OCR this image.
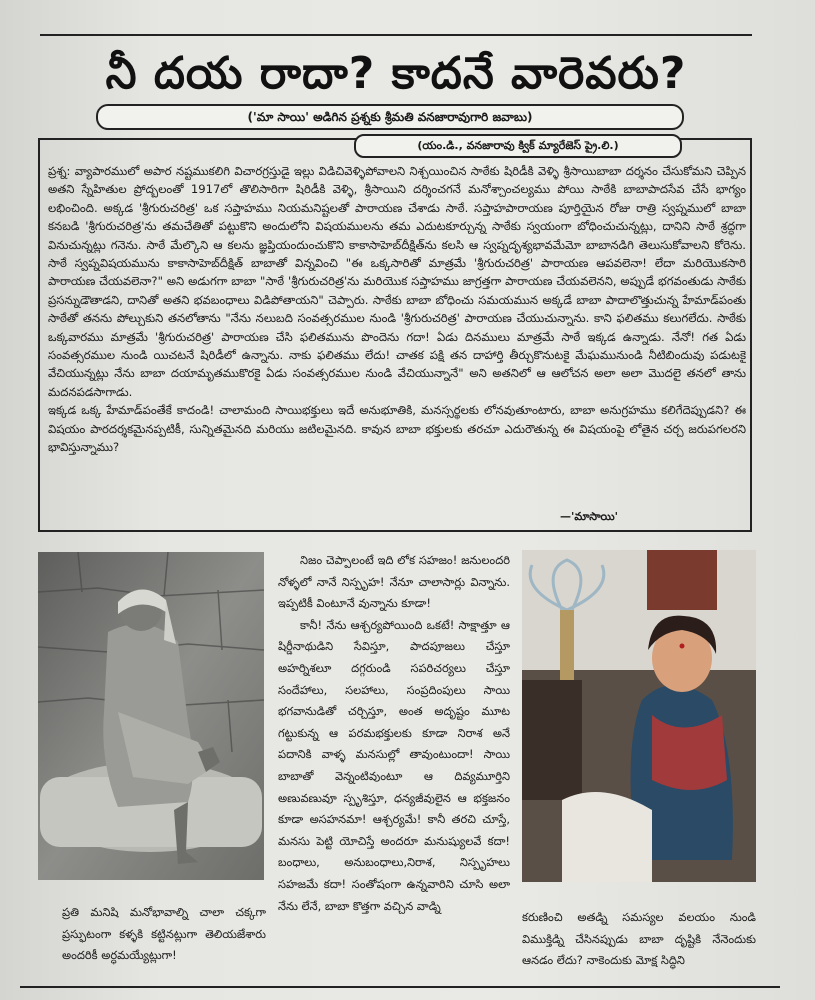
నీ దయ రాదా? కాదనే వారెవరు?
('మా సాయి' అడిగిన ప్రశ్నకు శ్రీమతి వనజారావుగారి జవాబు)
(యం.డి., వనజారావు క్విక్ మ్యారేజెస్ ప్రై.లి.)

ప్రశ్న: వ్యాపారములో అపార నష్టముకలిగి విచారగ్రస్తుడై ఇల్లు విడిచివెళ్ళిపోవాలని నిశ్చయించిన సాఠేకు షిరిడీకి వెళ్ళి శ్రీసాయిబాబా దర్శనం చేసుకోమని చెప్పిన అతని స్నేహితుల ప్రోద్బలంతో 1917లో తొలిసారిగా షిరిడీకి వెళ్ళి, శ్రీసాయిని దర్శించగనే మనోశ్చాంచల్యము పోయి సాఠేకి బాబాపాదసేవ చేసే భాగ్యం లభించింది. అక్కడ 'శ్రీగురుచరిత్ర' ఒక సప్తాహము నియమనిష్టలతో పారాయణ చేశాడు సాఠే. సప్తాహపారాయణ పూర్తియైన రోజు రాత్రి స్వప్నములో బాబా కనబడి 'శ్రీగురుచరిత్ర'ను తమచేతితో పట్టుకొని అందులోని విషయములను తమ ఎదుటకూర్చున్న సాఠేకు స్వయంగా బోధించుచున్నట్లు, దానిని సాఠే శ్రద్ధగా వినుచున్నట్లు గనెను. సాఠే మేల్కొని ఆ కలను జ్ఞప్తియందుంచుకొని కాకాసాహెబ్‌దీక్షిత్‌ను కలసి ఆ స్వప్నదృశ్యభావమేమో బాబానడిగి తెలుసుకోవాలని కోరెను. సాఠే స్వప్నవిషయమును కాకాసాహెబ్‌దీక్షిత్ బాబాతో విన్నవించి "ఈ ఒక్కసారితో మాత్రమే 'శ్రీగురుచరిత్ర' పారాయణ ఆపవలెనా! లేదా మరియొకసారి పారాయణ చేయవలెనా?" అని అడుగగా బాబా "సాఠే 'శ్రీగురుచరిత్ర'ను మరియొక సప్తాహము జాగ్రత్తగా పారాయణ చేయవలెనని, అప్పుడే భగవంతుడు సాఠేకు ప్రసన్నుడౌతాడని, దానితో అతని భవబంధాలు విడిపోతాయని" చెప్పారు. సాఠేకు బాబా బోధించు సమయమున అక్కడే బాబా పాదాలొత్తుచున్న హేమాడ్‌పంతు సాఠేతో తనను పోల్చుకుని తనలోతాను "నేను నలుబది సంవత్సరముల నుండి 'శ్రీగురుచరిత్ర' పారాయణ చేయుచున్నాను. కాని ఫలితము కలుగలేదు. సాఠేకు ఒక్కవారము మాత్రమే 'శ్రీగురుచరిత్ర' పారాయణ చేసి ఫలితమును పొందెను గదా! ఏడు దినములు మాత్రమే సాఠే ఇక్కడ ఉన్నాడు. నేనో! గత ఏడు సంవత్సరముల నుండి యిచటనే షిరిడీలో ఉన్నాను. నాకు ఫలితము లేదు! చాతక పక్షి తన దాహార్తి తీర్చుకొనుటకై మేఘమునుండి నీటిబిందువు పడుటకై వేచియున్నట్లు నేను బాబా దయామృతముకొరకై ఏడు సంవత్సరముల నుండి వేచియున్నానే" అని అతనిలో ఆ ఆలోచన అలా అలా మొదలై తనలో తాను మదనపడసాగాడు.

ఇక్కడ ఒక్క హేమాడ్‌పంతేకే కాదండి! చాలామంది సాయిభక్తులు ఇదే అనుభూతికి, మనస్సర్థలకు లోనవుతూంటారు, బాబా అనుగ్రహము కలిగేదెప్పుడని? ఈ విషయం పారదర్శకమైనప్పటికీ, సున్నితమైనది మరియు జటిలమైనది. కావున బాబా భక్తులకు తరచూ ఎదురౌతున్న ఈ విషయంపై లోతైన చర్చ జరుపగలరని భావిస్తున్నాము?

—'మాసాయి'

నిజం చెప్పాలంటే ఇది లోక సహజం! జనులందరి నోళ్ళలో నానే నిస్పృహ! నేనూ చాలాసార్లు విన్నాను. ఇప్పటికీ వింటూనే వున్నాను కూడా!

కానీ! నేను ఆశ్చర్యపోయింది ఒకటే! సాక్షాత్తూ ఆ షిర్డీనాథుడిని సేవిస్తూ, పాదపూజలు చేస్తూ అహర్నిశలూ దగ్గరుండి సపరిచర్యలు చేస్తూ సందేహాలు, సలహాలు, సంప్రదింపులు సాయి భగవానుడితో చర్చిస్తూ, అంత అదృష్టం మూట గట్టుకున్న ఆ పరమభక్తులకు కూడా నిరాశ అనే పదానికి వాళ్ళ మనసుల్లో తావుంటుందా! సాయి బాబాతో వెన్నంటివుంటూ ఆ దివ్యమూర్తిని అణువణువూ స్పృశిస్తూ, ధన్యజీవులైన ఆ భక్తజనం కూడా అసహనమా! ఆశ్చర్యమే! కానీ తరచి చూస్తే, మనసు పెట్టి యోచిస్తే అందరూ మనుష్యులవే కదా! బంధాలు, అనుబంధాలు,నిరాశ, నిస్పృహలు సహజమే కదా! సంతోషంగా ఉన్నవారిని చూసి అలా నేను లేనే, బాబా కొత్తగా వచ్చిన వాడ్ని

ప్రతి మనిషి మనోభావాల్ని చాలా చక్కగా ప్రస్ఫుటంగా కళ్ళకి కట్టినట్లుగా తెలియజేశారు అందరికీ అర్ధమయ్యేట్లుగా!
కరుణించి అతడ్ని సమస్యల వలయం నుండి విముక్తిడ్ని చేసినప్పుడు బాబా దృష్టికి నేనెందుకు ఆనడం లేదు? నాకెందుకు మోక్ష సిద్ధిని
